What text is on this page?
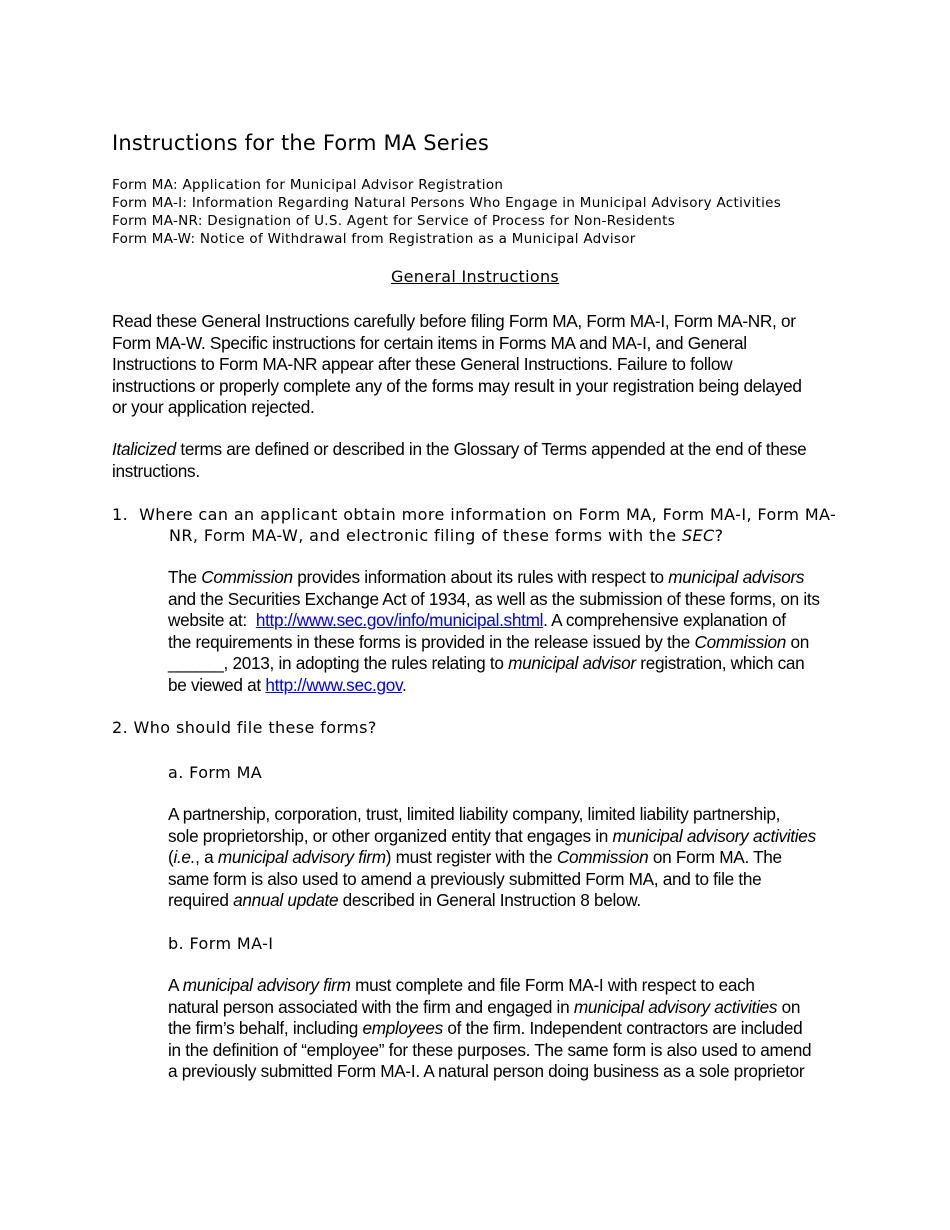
Instructions for the Form MA Series
Form MA: Application for Municipal Advisor Registration
Form MA-I: Information Regarding Natural Persons Who Engage in Municipal Advisory Activities
Form MA-NR: Designation of U.S. Agent for Service of Process for Non-Residents
Form MA-W: Notice of Withdrawal from Registration as a Municipal Advisor
General Instructions
Read these General Instructions carefully before filing Form MA, Form MA-I, Form MA-NR, or
Form MA-W. Specific instructions for certain items in Forms MA and MA-I, and General
Instructions to Form MA-NR appear after these General Instructions. Failure to follow
instructions or properly complete any of the forms may result in your registration being delayed
or your application rejected.
Italicized terms are defined or described in the Glossary of Terms appended at the end of these
instructions.
1. Where can an applicant obtain more information on Form MA, Form MA-I, Form MA-
NR, Form MA-W, and electronic filing of these forms with the SEC?
The Commission provides information about its rules with respect to municipal advisors
and the Securities Exchange Act of 1934, as well as the submission of these forms, on its
website at:  http://www.sec.gov/info/municipal.shtml. A comprehensive explanation of
the requirements in these forms is provided in the release issued by the Commission on
______, 2013, in adopting the rules relating to municipal advisor registration, which can
be viewed at http://www.sec.gov.
2. Who should file these forms?
a. Form MA
A partnership, corporation, trust, limited liability company, limited liability partnership,
sole proprietorship, or other organized entity that engages in municipal advisory activities
(i.e., a municipal advisory firm) must register with the Commission on Form MA. The
same form is also used to amend a previously submitted Form MA, and to file the
required annual update described in General Instruction 8 below.
b. Form MA-I
A municipal advisory firm must complete and file Form MA-I with respect to each
natural person associated with the firm and engaged in municipal advisory activities on
the firm’s behalf, including employees of the firm. Independent contractors are included
in the definition of “employee” for these purposes. The same form is also used to amend
a previously submitted Form MA-I. A natural person doing business as a sole proprietor
